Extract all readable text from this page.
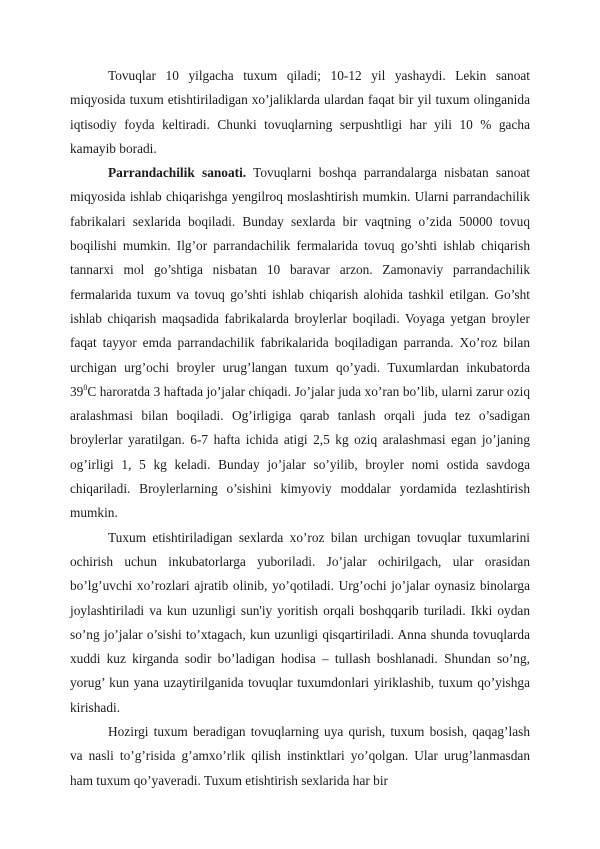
Tovuqlar 10 yilgacha tuxum qiladi; 10-12 yil yashaydi. Lekin sanoat miqyosida tuxum etishtiriladigan xo’jaliklarda ulardan faqat bir yil tuxum olinganida iqtisodiy foyda keltiradi. Chunki tovuqlarning serpushtligi har yili 10 % gacha kamayib boradi.

Parrandachilik sanoati. Tovuqlarni boshqa parrandalarga nisbatan sanoat miqyosida ishlab chiqarishga yengilroq moslashtirish mumkin. Ularni parrandachilik fabrikalari sexlarida boqiladi. Bunday sexlarda bir vaqtning o’zida 50000 tovuq boqilishi mumkin. Ilg’or parrandachilik fermalarida tovuq go’shti ishlab chiqarish tannarxi mol go’shtiga nisbatan 10 baravar arzon. Zamonaviy parrandachilik fermalarida tuxum va tovuq go’shti ishlab chiqarish alohida tashkil etilgan. Go’sht ishlab chiqarish maqsadida fabrikalarda broylerlar boqiladi. Voyaga yetgan broyler faqat tayyor emda parrandachilik fabrikalarida boqiladigan parranda. Xo’roz bilan urchigan urg’ochi broyler urug’langan tuxum qo’yadi. Tuxumlardan inkubatorda $39^0C$ haroratda 3 haftada jo’jalar chiqadi. Jo’jalar juda xo’ran bo’lib, ularni zarur oziq aralashmasi bilan boqiladi. Og’irligiga qarab tanlash orqali juda tez o’sadigan broylerlar yaratilgan. 6-7 hafta ichida atigi 2,5 kg oziq aralashmasi egan jo’janing og’irligi 1, 5 kg keladi. Bunday jo’jalar so’yilib, broyler nomi ostida savdoga chiqariladi. Broylerlarning o’sishini kimyoviy moddalar yordamida tezlashtirish mumkin.

Tuxum etishtiriladigan sexlarda xo’roz bilan urchigan tovuqlar tuxumlarini ochirish uchun inkubatorlarga yuboriladi. Jo’jalar ochirilgach, ular orasidan bo’lg’uvchi xo’rozlari ajratib olinib, yo’qotiladi. Urg’ochi jo’jalar oynasiz binolarga joylashtiriladi va kun uzunligi sun'iy yoritish orqali boshqqarib turiladi. Ikki oydan so’ng jo’jalar o’sishi to’xtagach, kun uzunligi qisqartiriladi. Anna shunda tovuqlarda xuddi kuz kirganda sodir bo’ladigan hodisa – tullash boshlanadi. Shundan so’ng, yorug’ kun yana uzaytirilganida tovuqlar tuxumdonlari yiriklashib, tuxum qo’yishga kirishadi.

Hozirgi tuxum beradigan tovuqlarning uya qurish, tuxum bosish, qaqag’lash va nasli to’g’risida g’amxo’rlik qilish instinktlari yo’qolgan. Ular urug’lanmasdan ham tuxum qo’yaveradi. Tuxum etishtirish sexlarida har bir
